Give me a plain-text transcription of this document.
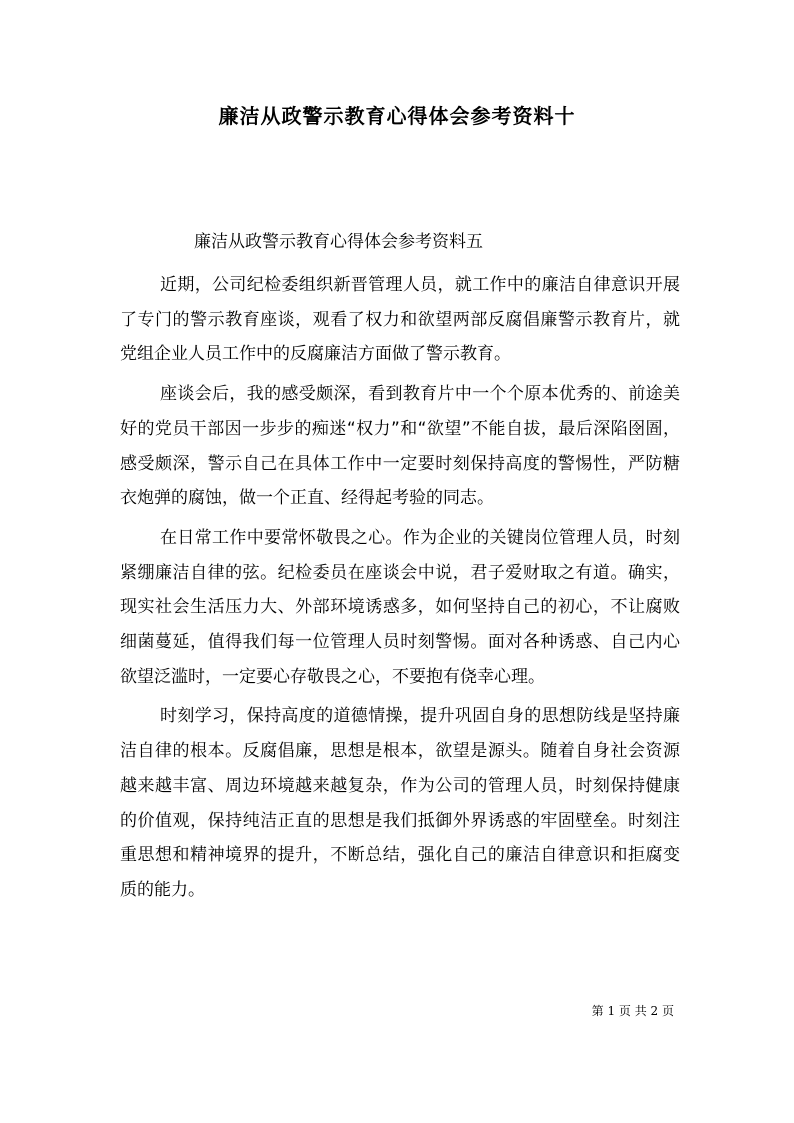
廉洁从政警示教育心得体会参考资料十
廉洁从政警示教育心得体会参考资料五

近期，公司纪检委组织新晋管理人员，就工作中的廉洁自律意识开展了专门的警示教育座谈，观看了权力和欲望两部反腐倡廉警示教育片，就党组企业人员工作中的反腐廉洁方面做了警示教育。

座谈会后，我的感受颇深，看到教育片中一个个原本优秀的、前途美好的党员干部因一步步的痴迷“权力”和“欲望”不能自拔，最后深陷囹圄，感受颇深，警示自己在具体工作中一定要时刻保持高度的警惕性，严防糖衣炮弹的腐蚀，做一个正直、经得起考验的同志。

在日常工作中要常怀敬畏之心。作为企业的关键岗位管理人员，时刻紧绷廉洁自律的弦。纪检委员在座谈会中说，君子爱财取之有道。确实，现实社会生活压力大、外部环境诱惑多，如何坚持自己的初心，不让腐败细菌蔓延，值得我们每一位管理人员时刻警惕。面对各种诱惑、自己内心欲望泛滥时，一定要心存敬畏之心，不要抱有侥幸心理。

时刻学习，保持高度的道德情操，提升巩固自身的思想防线是坚持廉洁自律的根本。反腐倡廉，思想是根本，欲望是源头。随着自身社会资源越来越丰富、周边环境越来越复杂，作为公司的管理人员，时刻保持健康的价值观，保持纯洁正直的思想是我们抵御外界诱惑的牢固壁垒。时刻注重思想和精神境界的提升，不断总结，强化自己的廉洁自律意识和拒腐变质的能力。

第 1 页 共 2 页
